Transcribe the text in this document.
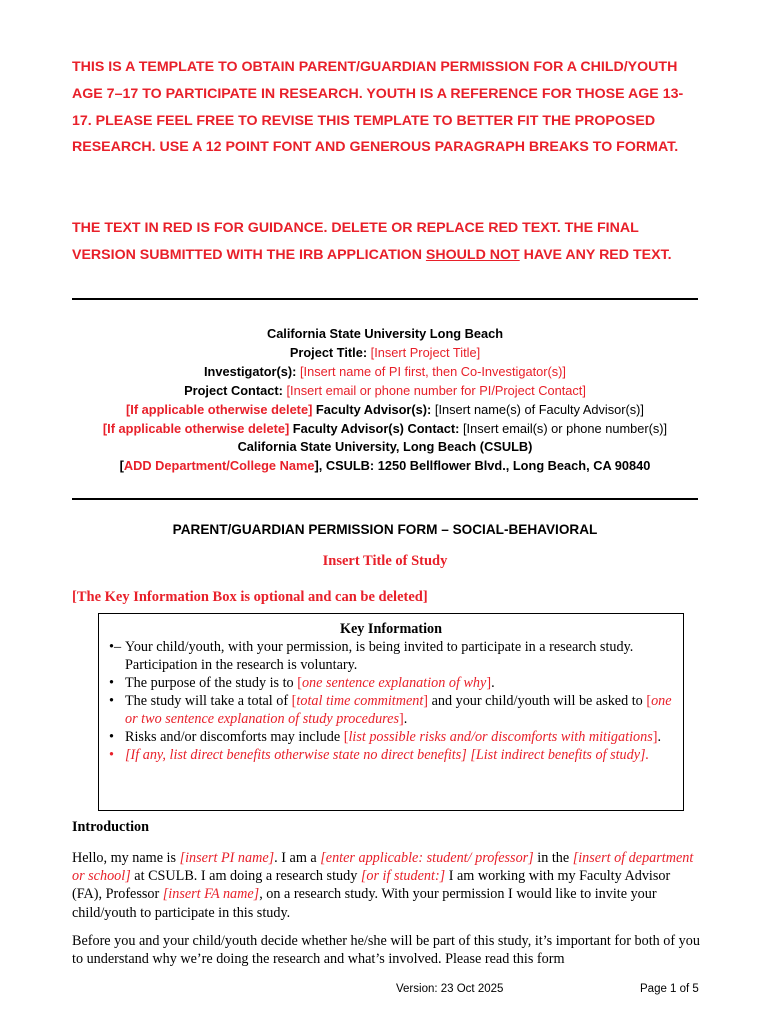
THIS IS A TEMPLATE TO OBTAIN PARENT/GUARDIAN PERMISSION FOR A CHILD/YOUTH AGE 7–17 TO PARTICIPATE IN RESEARCH. YOUTH IS A REFERENCE FOR THOSE AGE 13-17. PLEASE FEEL FREE TO REVISE THIS TEMPLATE TO BETTER FIT THE PROPOSED RESEARCH. USE A 12 POINT FONT AND GENEROUS PARAGRAPH BREAKS TO FORMAT.
THE TEXT IN RED IS FOR GUIDANCE. DELETE OR REPLACE RED TEXT. THE FINAL VERSION SUBMITTED WITH THE IRB APPLICATION SHOULD NOT HAVE ANY RED TEXT.
California State University Long Beach
Project Title: [Insert Project Title]
Investigator(s): [Insert name of PI first, then Co-Investigator(s)]
Project Contact: [Insert email or phone number for PI/Project Contact]
[If applicable otherwise delete] Faculty Advisor(s): [Insert name(s) of Faculty Advisor(s)]
[If applicable otherwise delete] Faculty Advisor(s) Contact: [Insert email(s) or phone number(s)]
California State University, Long Beach (CSULB)
[ADD Department/College Name], CSULB: 1250 Bellflower Blvd., Long Beach, CA 90840
PARENT/GUARDIAN PERMISSION FORM – SOCIAL-BEHAVIORAL
Insert Title of Study
[The Key Information Box is optional and can be deleted]
Key Information
•– Your child/youth, with your permission, is being invited to participate in a research study. Participation in the research is voluntary.
• The purpose of the study is to [one sentence explanation of why].
• The study will take a total of [total time commitment] and your child/youth will be asked to [one or two sentence explanation of study procedures].
• Risks and/or discomforts may include [list possible risks and/or discomforts with mitigations].
• [If any, list direct benefits otherwise state no direct benefits] [List indirect benefits of study].
Introduction
Hello, my name is [insert PI name]. I am a [enter applicable: student/ professor] in the [insert of department or school] at CSULB. I am doing a research study [or if student:] I am working with my Faculty Advisor (FA), Professor [insert FA name], on a research study. With your permission I would like to invite your child/youth to participate in this study.
Before you and your child/youth decide whether he/she will be part of this study, it’s important for both of you to understand why we’re doing the research and what’s involved. Please read this form
Version: 23 Oct 2025	Page 1 of 5
